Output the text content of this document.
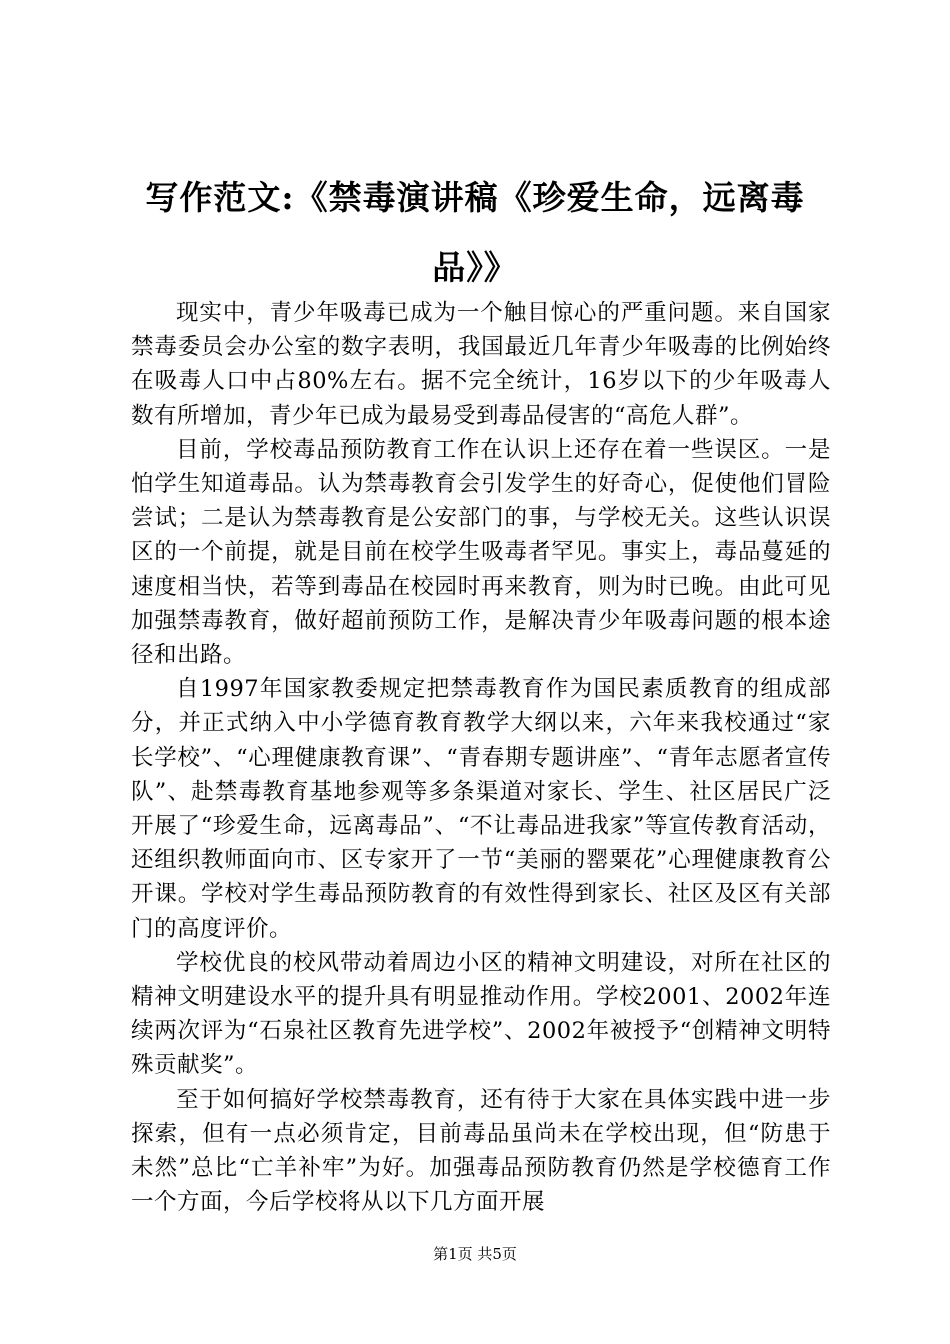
写作范文:《禁毒演讲稿《珍爱生命，远离毒
品》》

现实中，青少年吸毒已成为一个触目惊心的严重问题。来自国家禁毒委员会办公室的数字表明，我国最近几年青少年吸毒的比例始终在吸毒人口中占80%左右。据不完全统计，16岁以下的少年吸毒人数有所增加，青少年已成为最易受到毒品侵害的“高危人群”。

目前，学校毒品预防教育工作在认识上还存在着一些误区。一是怕学生知道毒品。认为禁毒教育会引发学生的好奇心，促使他们冒险尝试；二是认为禁毒教育是公安部门的事，与学校无关。这些认识误区的一个前提，就是目前在校学生吸毒者罕见。事实上，毒品蔓延的速度相当快，若等到毒品在校园时再来教育，则为时已晚。由此可见加强禁毒教育，做好超前预防工作，是解决青少年吸毒问题的根本途径和出路。

自1997年国家教委规定把禁毒教育作为国民素质教育的组成部分，并正式纳入中小学德育教育教学大纲以来，六年来我校通过“家长学校”、“心理健康教育课”、“青春期专题讲座”、“青年志愿者宣传队”、赴禁毒教育基地参观等多条渠道对家长、学生、社区居民广泛开展了“珍爱生命，远离毒品”、“不让毒品进我家”等宣传教育活动，还组织教师面向市、区专家开了一节“美丽的罂粟花”心理健康教育公开课。学校对学生毒品预防教育的有效性得到家长、社区及区有关部门的高度评价。

学校优良的校风带动着周边小区的精神文明建设，对所在社区的精神文明建设水平的提升具有明显推动作用。学校2001、2002年连续两次评为“石泉社区教育先进学校”、2002年被授予“创精神文明特殊贡献奖”。

至于如何搞好学校禁毒教育，还有待于大家在具体实践中进一步探索，但有一点必须肯定，目前毒品虽尚未在学校出现，但“防患于未然”总比“亡羊补牢”为好。加强毒品预防教育仍然是学校德育工作一个方面，今后学校将从以下几方面开展

第1页 共5页
